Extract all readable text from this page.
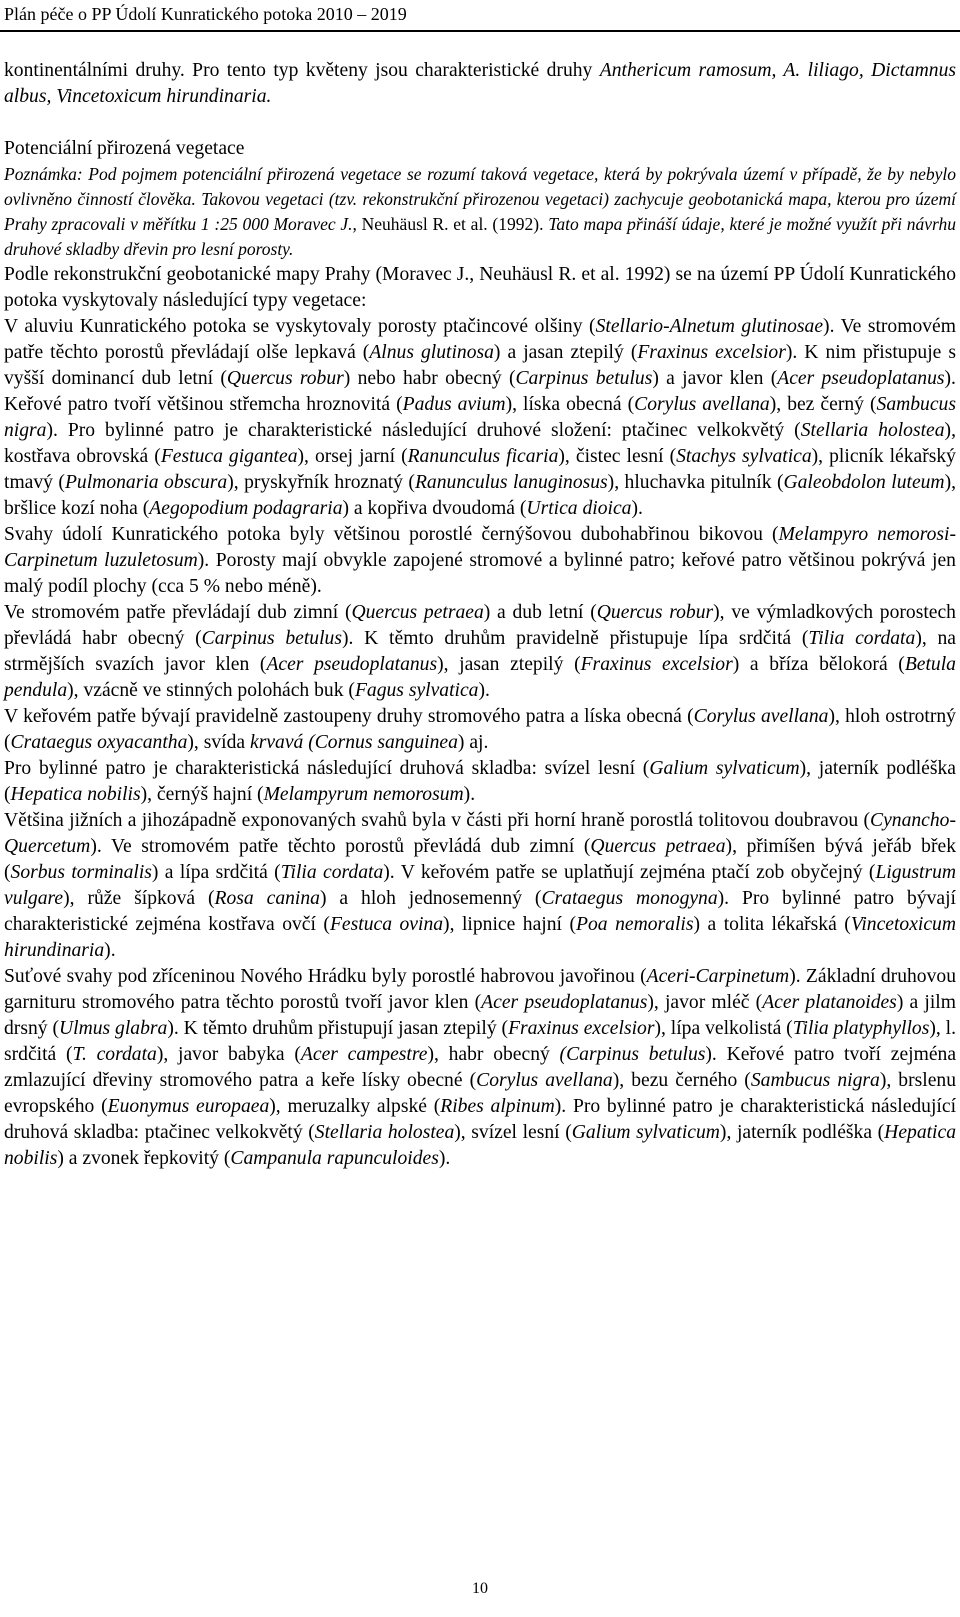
Plán péče o PP Údolí Kunratického potoka 2010 – 2019

kontinentálními druhy. Pro tento typ květeny jsou charakteristické druhy Anthericum ramosum, A. liliago, Dictamnus albus, Vincetoxicum hirundinaria.

Potenciální přirozená vegetace

Poznámka: Pod pojmem potenciální přirozená vegetace se rozumí taková vegetace, která by pokrývala území v případě, že by nebylo ovlivněno činností člověka. Takovou vegetaci (tzv. rekonstrukční přirozenou vegetaci) zachycuje geobotanická mapa, kterou pro území Prahy zpracovali v měřítku 1 :25 000 Moravec J., Neuhäusl R. et al. (1992). Tato mapa přináší údaje, které je možné využít při návrhu druhové skladby dřevin pro lesní porosty.

Podle rekonstrukční geobotanické mapy Prahy (Moravec J., Neuhäusl R. et al. 1992) se na území PP Údolí Kunratického potoka vyskytovaly následující typy vegetace:

V aluviu Kunratického potoka se vyskytovaly porosty ptačincové olšiny (Stellario-Alnetum glutinosae). Ve stromovém patře těchto porostů převládají olše lepkavá (Alnus glutinosa) a jasan ztepilý (Fraxinus excelsior). K nim přistupuje s vyšší dominancí dub letní (Quercus robur) nebo habr obecný (Carpinus betulus) a javor klen (Acer pseudoplatanus). Keřové patro tvoří většinou střemcha hroznovitá (Padus avium), líska obecná (Corylus avellana), bez černý (Sambucus nigra). Pro bylinné patro je charakteristické následující druhové složení: ptačinec velkokvětý (Stellaria holostea), kostřava obrovská (Festuca gigantea), orsej jarní (Ranunculus ficaria), čistec lesní (Stachys sylvatica), plicník lékařský tmavý (Pulmonaria obscura), pryskyřník hroznatý (Ranunculus lanuginosus), hluchavka pitulník (Galeobdolon luteum), bršlice kozí noha (Aegopodium podagraria) a kopřiva dvoudomá (Urtica dioica).

Svahy údolí Kunratického potoka byly většinou porostlé černýšovou dubohabřinou bikovou (Melampyro nemorosi-Carpinetum luzuletosum). Porosty mají obvykle zapojené stromové a bylinné patro; keřové patro většinou pokrývá jen malý podíl plochy (cca 5 % nebo méně).

Ve stromovém patře převládají dub zimní (Quercus petraea) a dub letní (Quercus robur), ve výmladkových porostech převládá habr obecný (Carpinus betulus). K těmto druhům pravidelně přistupuje lípa srdčitá (Tilia cordata), na strmějších svazích javor klen (Acer pseudoplatanus), jasan ztepilý (Fraxinus excelsior) a bříza bělokorá (Betula pendula), vzácně ve stinných polohách buk (Fagus sylvatica).

V keřovém patře bývají pravidelně zastoupeny druhy stromového patra a líska obecná (Corylus avellana), hloh ostrotrný (Crataegus oxyacantha), svída krvavá (Cornus sanguinea) aj.

Pro bylinné patro je charakteristická následující druhová skladba: svízel lesní (Galium sylvaticum), jaterník podléška (Hepatica nobilis), černýš hajní (Melampyrum nemorosum).

Většina jižních a jihozápadně exponovaných svahů byla v části při horní hraně porostlá tolitovou doubravou (Cynancho-Quercetum). Ve stromovém patře těchto porostů převládá dub zimní (Quercus petraea), přimíšen bývá jeřáb břek (Sorbus torminalis) a lípa srdčitá (Tilia cordata). V keřovém patře se uplatňují zejména ptačí zob obyčejný (Ligustrum vulgare), růže šípková (Rosa canina) a hloh jednosemenný (Crataegus monogyna). Pro bylinné patro bývají charakteristické zejména kostřava ovčí (Festuca ovina), lipnice hajní (Poa nemoralis) a tolita lékařská (Vincetoxicum hirundinaria).

Suťové svahy pod zříceninou Nového Hrádku byly porostlé habrovou javořinou (Aceri-Carpinetum). Základní druhovou garnituru stromového patra těchto porostů tvoří javor klen (Acer pseudoplatanus), javor mléč (Acer platanoides) a jilm drsný (Ulmus glabra). K těmto druhům přistupují jasan ztepilý (Fraxinus excelsior), lípa velkolistá (Tilia platyphyllos), l. srdčitá (T. cordata), javor babyka (Acer campestre), habr obecný (Carpinus betulus). Keřové patro tvoří zejména zmlazující dřeviny stromového patra a keře lísky obecné (Corylus avellana), bezu černého (Sambucus nigra), brslenu evropského (Euonymus europaea), meruzalky alpské (Ribes alpinum). Pro bylinné patro je charakteristická následující druhová skladba: ptačinec velkokvětý (Stellaria holostea), svízel lesní (Galium sylvaticum), jaterník podléška (Hepatica nobilis) a zvonek řepkovitý (Campanula rapunculoides).

10
